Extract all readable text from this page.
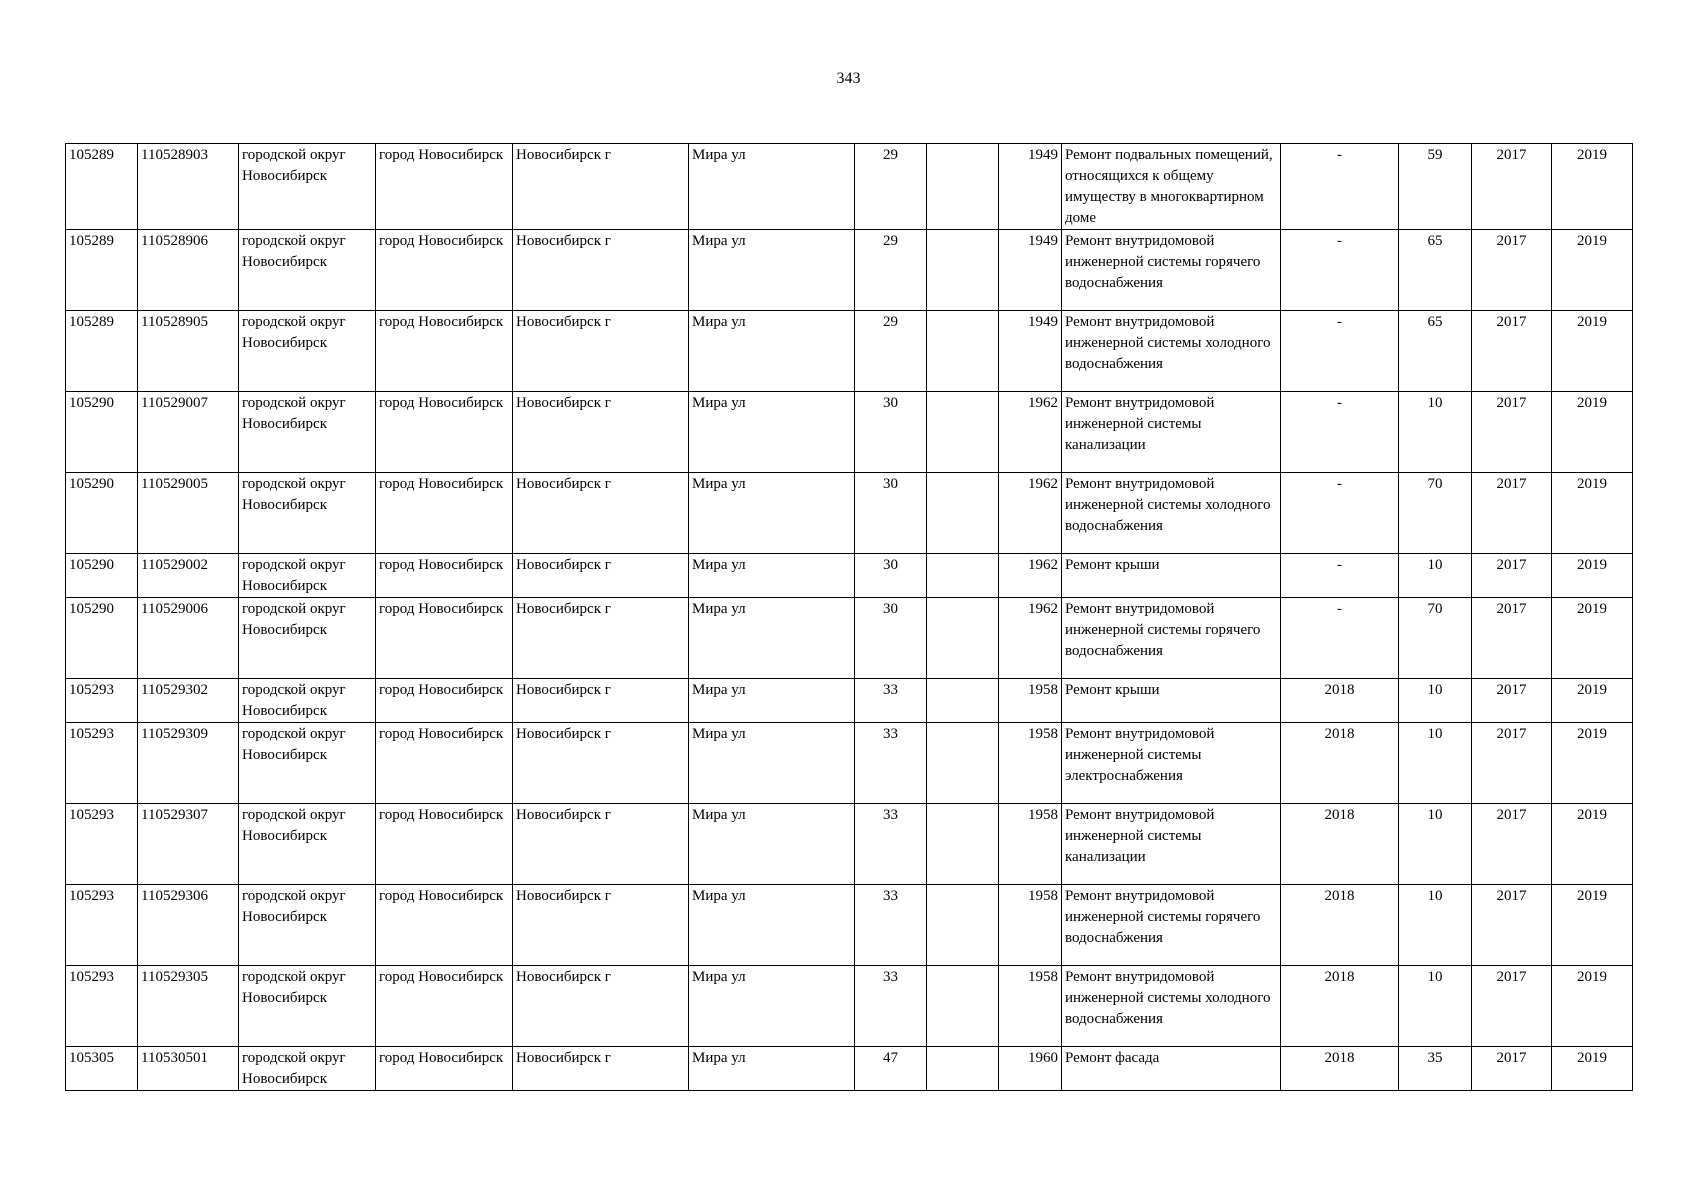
343
105289	110528903	городской округ Новосибирск	город Новосибирск	Новосибирск г	Мира ул	29		1949	Ремонт подвальных помещений, относящихся к общему имуществу в многоквартирном доме	-	59	2017	2019
105289	110528906	городской округ Новосибирск	город Новосибирск	Новосибирск г	Мира ул	29		1949	Ремонт внутридомовой инженерной системы горячего водоснабжения	-	65	2017	2019
105289	110528905	городской округ Новосибирск	город Новосибирск	Новосибирск г	Мира ул	29		1949	Ремонт внутридомовой инженерной системы холодного водоснабжения	-	65	2017	2019
105290	110529007	городской округ Новосибирск	город Новосибирск	Новосибирск г	Мира ул	30		1962	Ремонт внутридомовой инженерной системы канализации	-	10	2017	2019
105290	110529005	городской округ Новосибирск	город Новосибирск	Новосибирск г	Мира ул	30		1962	Ремонт внутридомовой инженерной системы холодного водоснабжения	-	70	2017	2019
105290	110529002	городской округ Новосибирск	город Новосибирск	Новосибирск г	Мира ул	30		1962	Ремонт крыши	-	10	2017	2019
105290	110529006	городской округ Новосибирск	город Новосибирск	Новосибирск г	Мира ул	30		1962	Ремонт внутридомовой инженерной системы горячего водоснабжения	-	70	2017	2019
105293	110529302	городской округ Новосибирск	город Новосибирск	Новосибирск г	Мира ул	33		1958	Ремонт крыши	2018	10	2017	2019
105293	110529309	городской округ Новосибирск	город Новосибирск	Новосибирск г	Мира ул	33		1958	Ремонт внутридомовой инженерной системы электроснабжения	2018	10	2017	2019
105293	110529307	городской округ Новосибирск	город Новосибирск	Новосибирск г	Мира ул	33		1958	Ремонт внутридомовой инженерной системы канализации	2018	10	2017	2019
105293	110529306	городской округ Новосибирск	город Новосибирск	Новосибирск г	Мира ул	33		1958	Ремонт внутридомовой инженерной системы горячего водоснабжения	2018	10	2017	2019
105293	110529305	городской округ Новосибирск	город Новосибирск	Новосибирск г	Мира ул	33		1958	Ремонт внутридомовой инженерной системы холодного водоснабжения	2018	10	2017	2019
105305	110530501	городской округ Новосибирск	город Новосибирск	Новосибирск г	Мира ул	47		1960	Ремонт фасада	2018	35	2017	2019
